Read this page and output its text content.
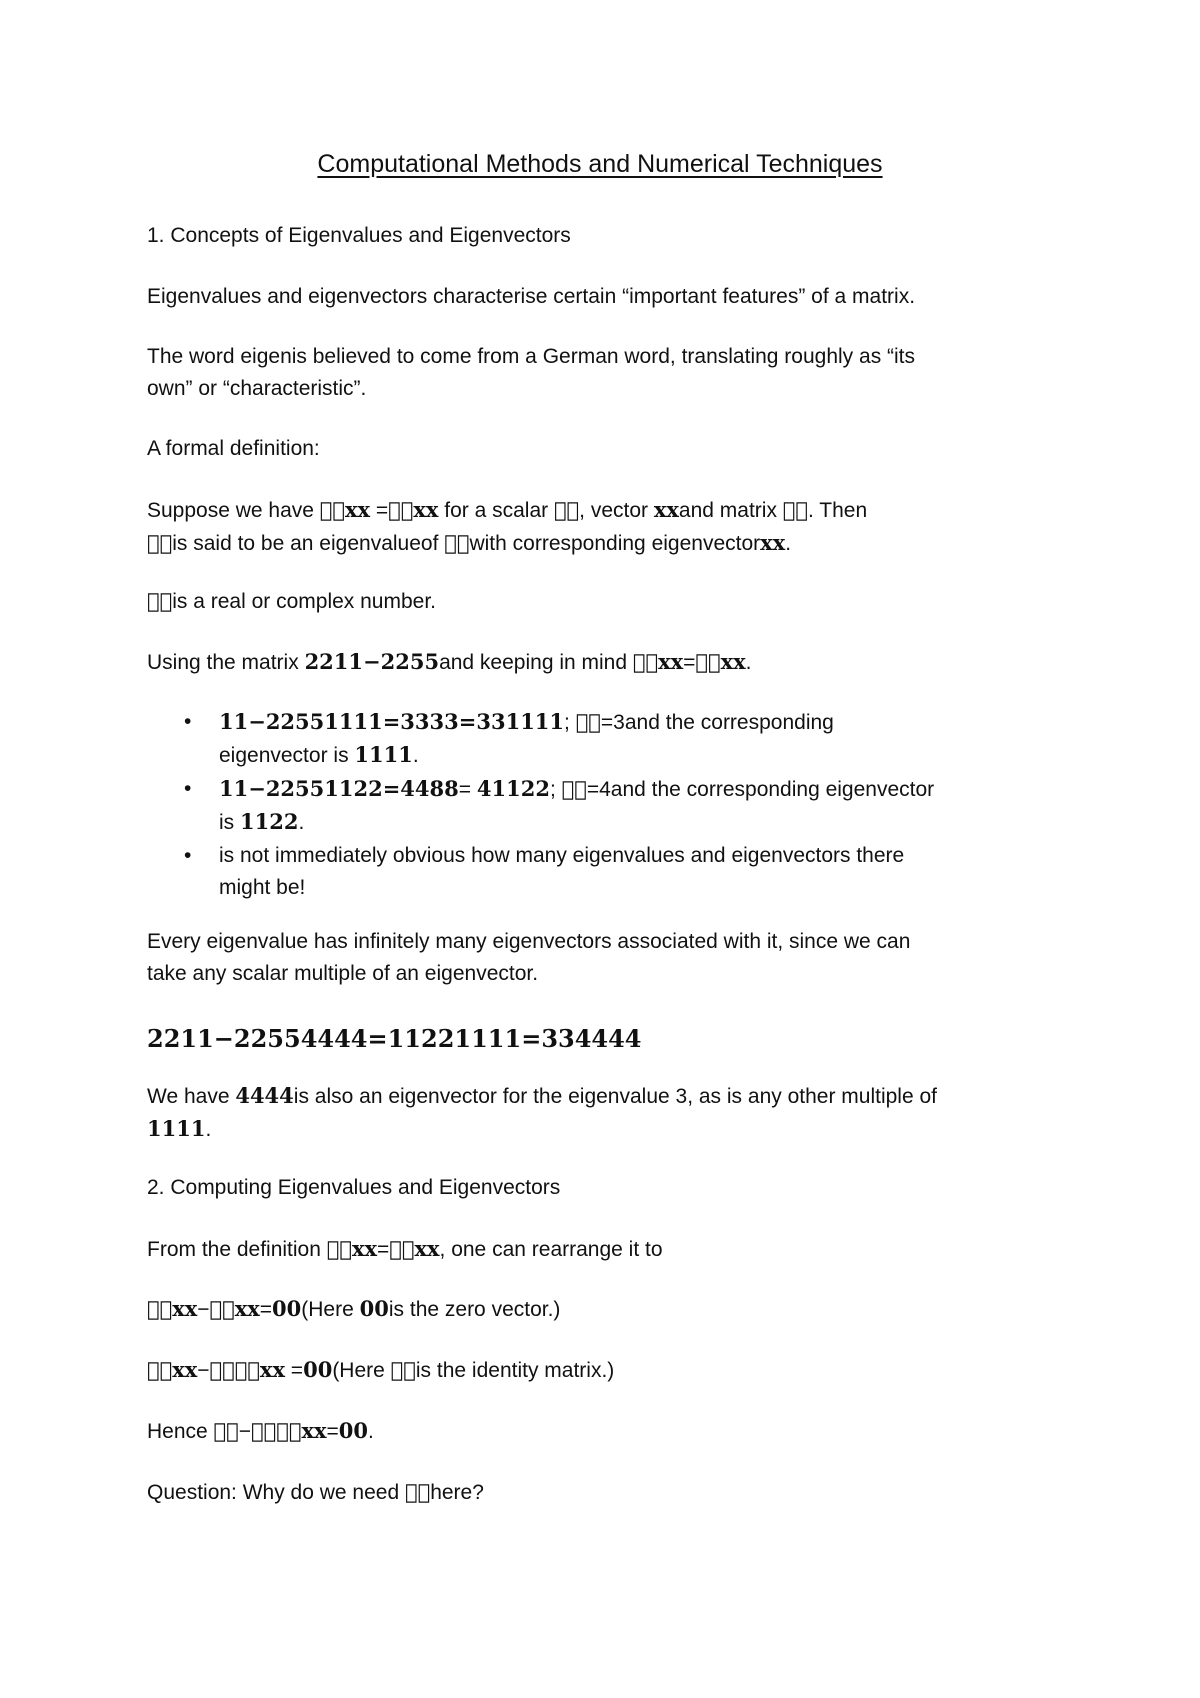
Computational Methods and Numerical Techniques
1. Concepts of Eigenvalues and Eigenvectors
Eigenvalues and eigenvectors characterise certain “important features” of a matrix.
The word eigenis believed to come from a German word, translating roughly as “its
own” or “characteristic”.
A formal definition:
Suppose we have   xx =  xx for a scalar   , vector xxand matrix   . Then
  is said to be an eigenvalueof   with corresponding eigenvectorxx.
  is a real or complex number.
Using the matrix 2211−2255and keeping in mind   xx=  xx.
• 11−22551111=3333=331111;   =3and the corresponding
eigenvector is 1111.
• 11−22551122=4488= 41122;   =4and the corresponding eigenvector
is 1122.
• is not immediately obvious how many eigenvalues and eigenvectors there
might be!
Every eigenvalue has infinitely many eigenvectors associated with it, since we can
take any scalar multiple of an eigenvector.
2211−22554444=11221111=334444
We have 4444is also an eigenvector for the eigenvalue 3, as is any other multiple of
1111.
2. Computing Eigenvalues and Eigenvectors
From the definition   xx=  xx, one can rearrange it to
  xx−  xx=00(Here 00is the zero vector.)
  xx−    xx =00(Here   is the identity matrix.)
Hence   −    xx=00.
Question: Why do we need   here?
